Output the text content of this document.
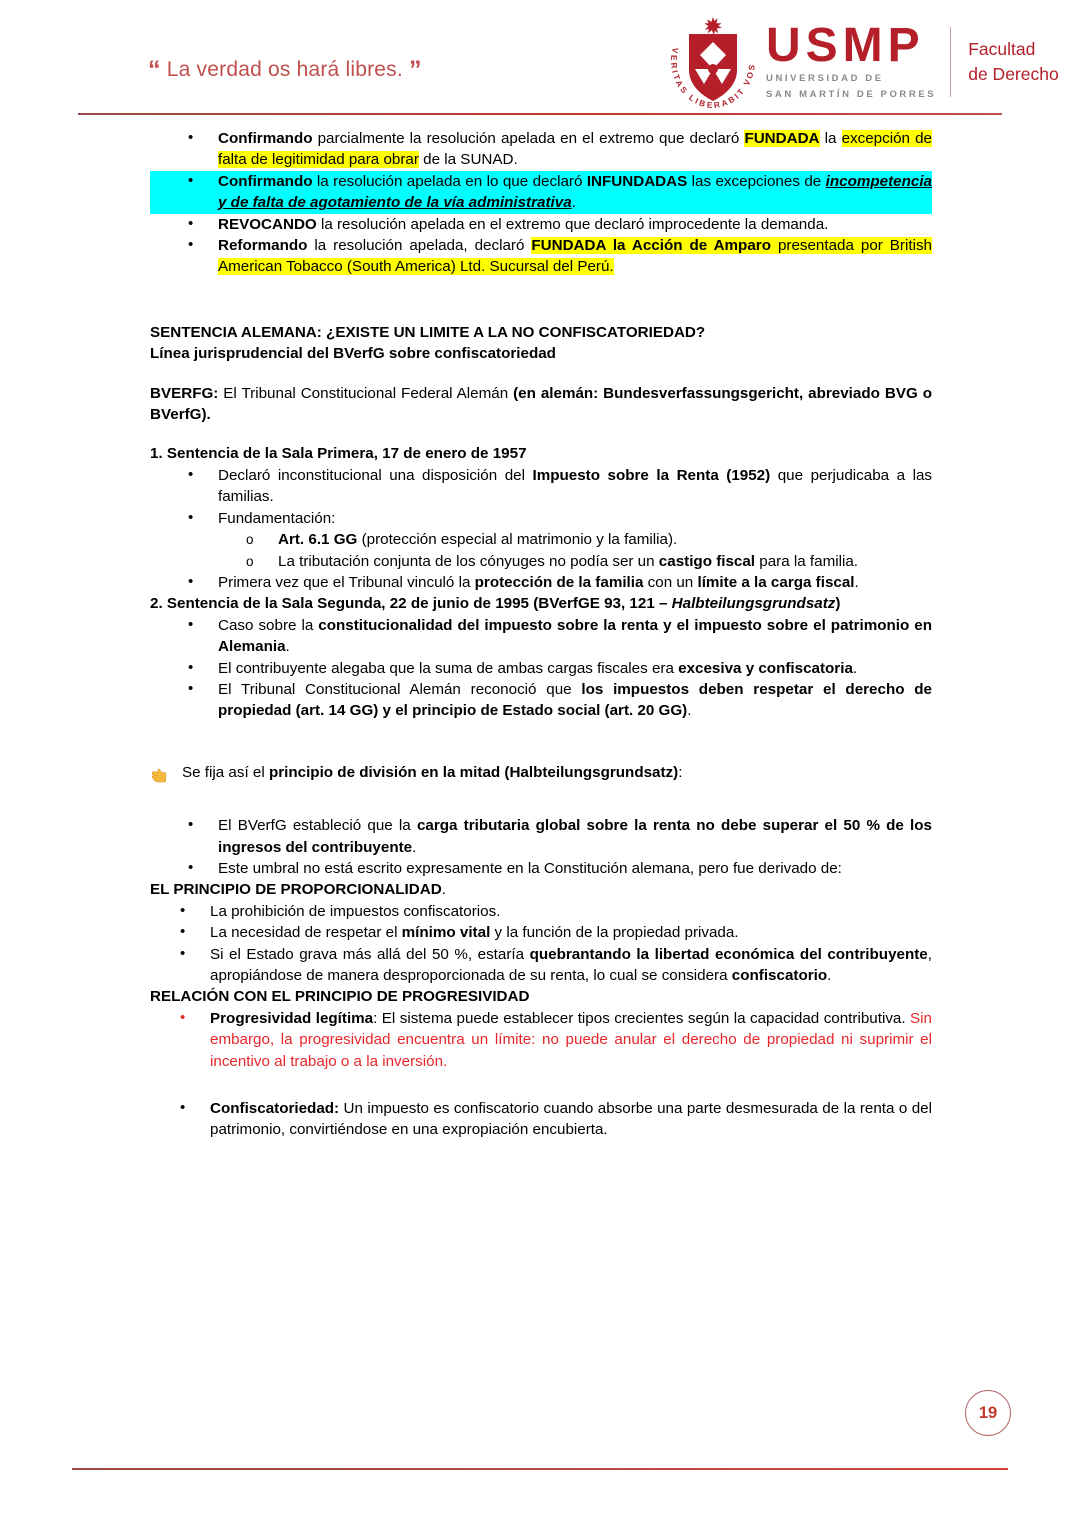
“ La verdad os hará libres. ”
VERITAS LIBERABIT VOS USMP
UNIVERSIDAD DE
SAN MARTÍN DE PORRES
Facultad
de Derecho
• Confirmando parcialmente la resolución apelada en el extremo que declaró FUNDADA la excepción de falta de legitimidad para obrar de la SUNAD.
• Confirmando la resolución apelada en lo que declaró INFUNDADAS las excepciones de incompetencia y de falta de agotamiento de la vía administrativa.
• REVOCANDO la resolución apelada en el extremo que declaró improcedente la demanda.
• Reformando la resolución apelada, declaró FUNDADA la Acción de Amparo presentada por British American Tobacco (South America) Ltd. Sucursal del Perú.

SENTENCIA ALEMANA: ¿EXISTE UN LIMITE A LA NO CONFISCATORIEDAD?

Línea jurisprudencial del BVerfG sobre confiscatoriedad

BVERFG: El Tribunal Constitucional Federal Alemán (en alemán: Bundesverfassungsgericht, abreviado BVG o BVerfG).

1. Sentencia de la Sala Primera, 17 de enero de 1957

• Declaró inconstitucional una disposición del Impuesto sobre la Renta (1952) que perjudicaba a las familias.
• Fundamentación:
o Art. 6.1 GG (protección especial al matrimonio y la familia).
o La tributación conjunta de los cónyuges no podía ser un castigo fiscal para la familia.
• Primera vez que el Tribunal vinculó la protección de la familia con un límite a la carga fiscal.

2. Sentencia de la Sala Segunda, 22 de junio de 1995 (BVerfGE 93, 121 – Halbteilungsgrundsatz)

• Caso sobre la constitucionalidad del impuesto sobre la renta y el impuesto sobre el patrimonio en Alemania.
• El contribuyente alegaba que la suma de ambas cargas fiscales era excesiva y confiscatoria.
• El Tribunal Constitucional Alemán reconoció que los impuestos deben respetar el derecho de propiedad (art. 14 GG) y el principio de Estado social (art. 20 GG).

Se fija así el principio de división en la mitad (Halbteilungsgrundsatz):

• El BVerfG estableció que la carga tributaria global sobre la renta no debe superar el 50 % de los ingresos del contribuyente.
• Este umbral no está escrito expresamente en la Constitución alemana, pero fue derivado de:

EL PRINCIPIO DE PROPORCIONALIDAD.

• La prohibición de impuestos confiscatorios.
• La necesidad de respetar el mínimo vital y la función de la propiedad privada.
• Si el Estado grava más allá del 50 %, estaría quebrantando la libertad económica del contribuyente, apropiándose de manera desproporcionada de su renta, lo cual se considera confiscatorio.

RELACIÓN CON EL PRINCIPIO DE PROGRESIVIDAD

• Progresividad legítima: El sistema puede establecer tipos crecientes según la capacidad contributiva. Sin embargo, la progresividad encuentra un límite: no puede anular el derecho de propiedad ni suprimir el incentivo al trabajo o a la inversión.
• Confiscatoriedad: Un impuesto es confiscatorio cuando absorbe una parte desmesurada de la renta o del patrimonio, convirtiéndose en una expropiación encubierta.
19
